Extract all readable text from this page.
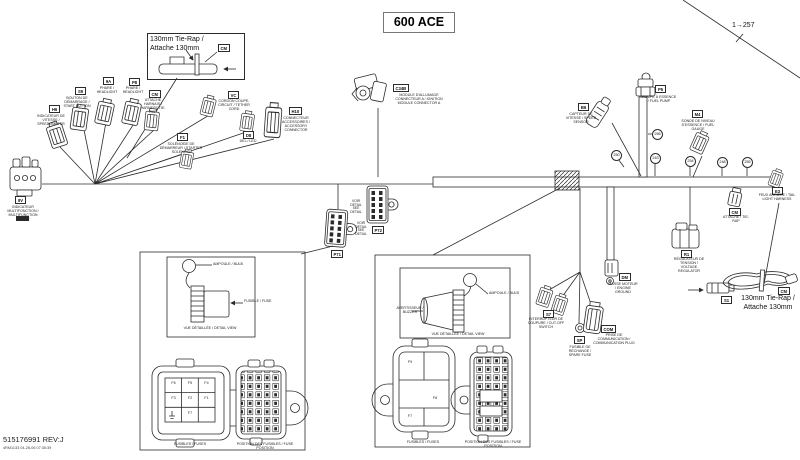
600 ACE	1→257
515176991 REV:J
4RM1133 04-26-06 07:36:39
130mm Tie-Rap /
Attache 130mm	CM
130mm Tie-Rap /
Attache 130mm
CM
9V
H6
S9
9A	P8
CM
F1
VC
D8
H10
C34B
P71
P72
S7
SP
COM
DM
B6
P5
M4
E3
R1
CM
S1
INDICATEUR MULTIFONCTION / MULTIFUNCTION GAUGE
INDICATEUR DE VITESSE / SPEEDOMETER
BOUTON DE DÉMARRAGE / START BUTTON
PHARE / HEADLIGHT
PHARE / HEADLIGHT
ATTACHE HARNAIS / HARNESS TIE-RAP
SOLÉNOÏDE DE DÉMARREUR / STARTER SOLENOID
CORDON COUPE-CIRCUIT / TETHER CORD
DEL / LED
CONNECTEUR ACCESSOIRES / ACCESSORY CONNECTOR
MODULE D'ALLUMAGE CONNECTEUR A / IGNITION MODULE CONNECTOR A
INTERRUPTEUR DE COUPURE / CUT-OFF SWITCH
FUSIBLE DE RECHANGE / SPARE FUSE
PRISE DE COMMUNICATION / COMMUNICATION PLUG
MASSE MOTEUR / ENGINE GROUND
CAPTEUR DE VITESSE / SPEED SENSOR
POMPE À ESSENCE / FUEL PUMP
SONDE DE NIVEAU D'ESSENCE / FUEL GAUGE
FEUX ARRIÈRE / TAIL LIGHT HARNESS
RÉGULATEUR DE TENSION / VOLTAGE REGULATOR
ATTACHE / TIE-RAP
VOIR DÉTAIL SEE DETAIL
VOIR DÉTAIL SEE DETAIL
256
250
243
254	248	255
AMPOULE / BULB
FUSIBLE / FUSE
VUE DÉTAILLÉE / DETAIL VIEW
F6	F5	F4
F3	F2	F1
F7
FUSIBLES / FUSES	POSITION DES FUSIBLES / FUSE POSITION
AVERTISSEUR / BUZZER
AMPOULE / BULB
VUE DÉTAILLÉE / DETAIL VIEW
F9
F8
F7
FUSIBLES / FUSES	POSITION DES FUSIBLES / FUSE POSITION
